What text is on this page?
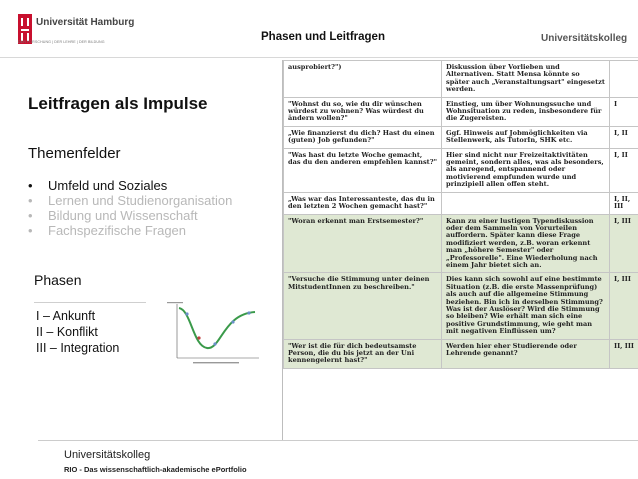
Universität Hamburg
DER FORSCHUNG | DER LEHRE | DER BILDUNG	Phasen und Leitfragen	Universitätskolleg
Leitfragen als Impulse
Themenfelder
• Umfeld und Soziales
• Lernen und Studienorganisation
• Bildung und Wissenschaft
• Fachspezifische Fragen
Phasen
I – Ankunft
II – Konflikt
III – Integration
ausprobiert?")	Diskussion über Vorlieben und Alternativen. Statt Mensa könnte so später auch „Veranstaltungsart" eingesetzt werden.	
"Wohnst du so, wie du dir wünschen würdest zu wohnen? Was würdest du ändern wollen?"	Einstieg, um über Wohnungssuche und Wohnsituation zu reden, insbesondere für die Zugereisten.	I
„Wie finanzierst du dich? Hast du einen (guten) Job gefunden?"	Ggf. Hinweis auf Jobmöglichkeiten via Stellenwerk, als TutorIn, SHK etc.	I, II
"Was hast du letzte Woche gemacht, das du den anderen empfehlen kannst?"	Hier sind nicht nur Freizeitaktivitäten gemeint, sondern alles, was als besonders, als anregend, entspannend oder motivierend empfunden wurde und prinzipiell allen offen steht.	I, II
„Was war das Interessanteste, das du in den letzten 2 Wochen gemacht hast?"		I, II, III
"Woran erkennt man Erstsemester?"	Kann zu einer lustigen Typendiskussion oder dem Sammeln von Vorurteilen auffordern. Später kann diese Frage modifiziert werden, z.B. woran erkennt man „höhere Semester" oder „Professorelle". Eine Wiederholung nach einem Jahr bietet sich an.	I, III
"Versuche die Stimmung unter deinen MitstudentInnen zu beschreiben."	Dies kann sich sowohl auf eine bestimmte Situation (z.B. die erste Massenprüfung) als auch auf die allgemeine Stimmung beziehen. Bin ich in derselben Stimmung? Was ist der Auslöser? Wird die Stimmung so bleiben? Wie erhält man sich eine positive Grundstimmung, wie geht man mit negativen Einflüssen um?	I, III
"Wer ist die für dich bedeutsamste Person, die du bis jetzt an der Uni kennengelernt hast?"	Werden hier eher Studierende oder Lehrende genannt?	II, III
Universitätskolleg
RIO - Das wissenschaftlich-akademische ePortfolio
